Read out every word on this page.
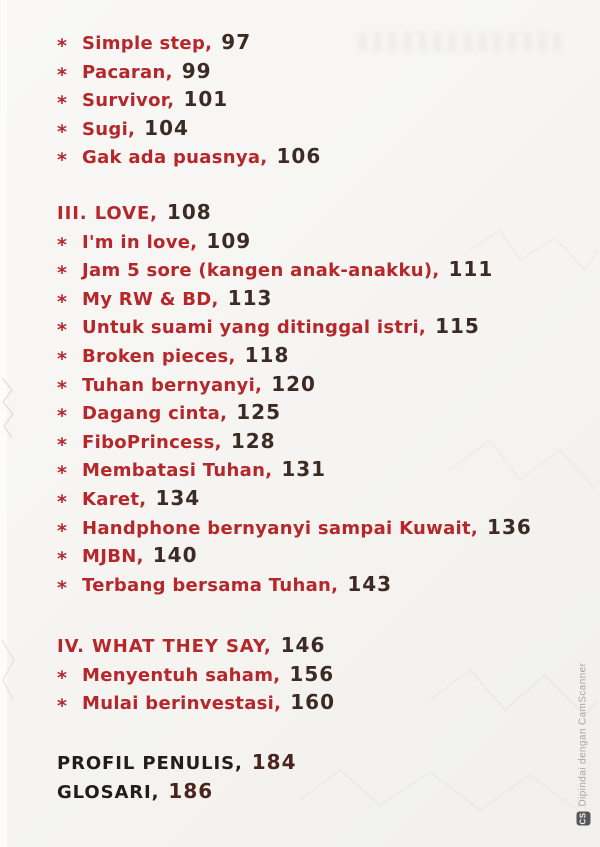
* Simple step, 97
* Pacaran, 99
* Survivor, 101
* Sugi, 104
* Gak ada puasnya, 106
III. LOVE, 108
* I'm in love, 109
* Jam 5 sore (kangen anak-anakku), 111
* My RW & BD, 113
* Untuk suami yang ditinggal istri, 115
* Broken pieces, 118
* Tuhan bernyanyi, 120
* Dagang cinta, 125
* FiboPrincess, 128
* Membatasi Tuhan, 131
* Karet, 134
* Handphone bernyanyi sampai Kuwait, 136
* MJBN, 140
* Terbang bersama Tuhan, 143
IV. WHAT THEY SAY, 146
* Menyentuh saham, 156
* Mulai berinvestasi, 160
PROFIL PENULIS, 184
GLOSARI, 186
CS
Dipindai dengan CamScanner
